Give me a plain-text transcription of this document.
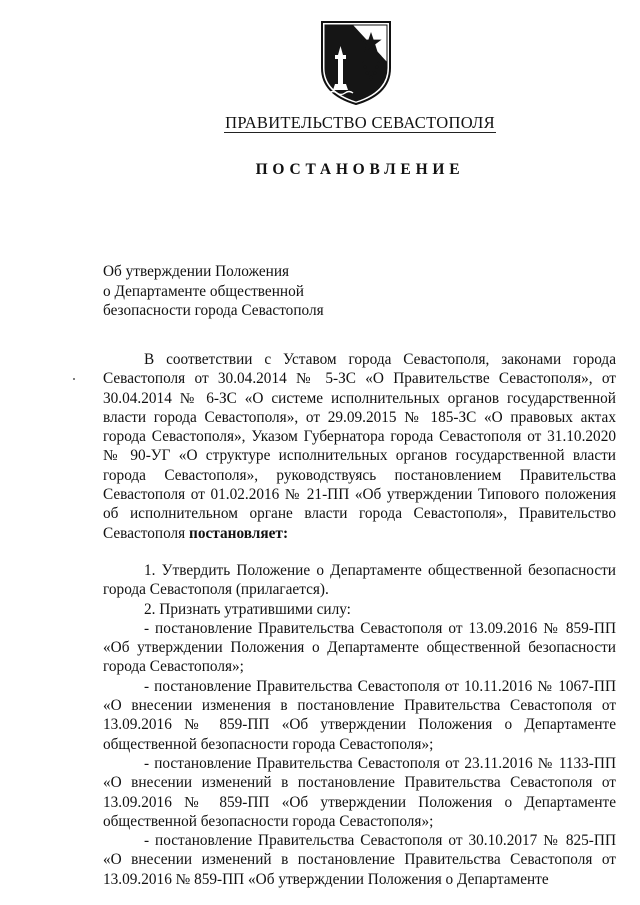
ПРАВИТЕЛЬСТВО СЕВАСТОПОЛЯ
ПОСТАНОВЛЕНИЕ
Об утверждении Положения
о Департаменте общественной
безопасности города Севастополя

В соответствии с Уставом города Севастополя, законами города Севастополя от 30.04.2014 № 5-ЗС «О Правительстве Севастополя», от 30.04.2014 № 6-ЗС «О системе исполнительных органов государственной власти города Севастополя», от 29.09.2015 № 185-ЗС «О правовых актах города Севастополя», Указом Губернатора города Севастополя от 31.10.2020 № 90-УГ «О структуре исполнительных органов государственной власти города Севастополя», руководствуясь постановлением Правительства Севастополя от 01.02.2016 № 21-ПП «Об утверждении Типового положения об исполнительном органе власти города Севастополя», Правительство Севастополя постановляет:

1. Утвердить Положение о Департаменте общественной безопасности города Севастополя (прилагается).

2. Признать утратившими силу:

- постановление Правительства Севастополя от 13.09.2016 № 859-ПП «Об утверждении Положения о Департаменте общественной безопасности города Севастополя»;

- постановление Правительства Севастополя от 10.11.2016 № 1067-ПП «О внесении изменения в постановление Правительства Севастополя от 13.09.2016 № 859-ПП «Об утверждении Положения о Департаменте общественной безопасности города Севастополя»;

- постановление Правительства Севастополя от 23.11.2016 № 1133-ПП «О внесении изменений в постановление Правительства Севастополя от 13.09.2016 № 859-ПП «Об утверждении Положения о Департаменте общественной безопасности города Севастополя»;

- постановление Правительства Севастополя от 30.10.2017 № 825-ПП «О внесении изменений в постановление Правительства Севастополя от 13.09.2016 № 859-ПП «Об утверждении Положения о Департаменте
